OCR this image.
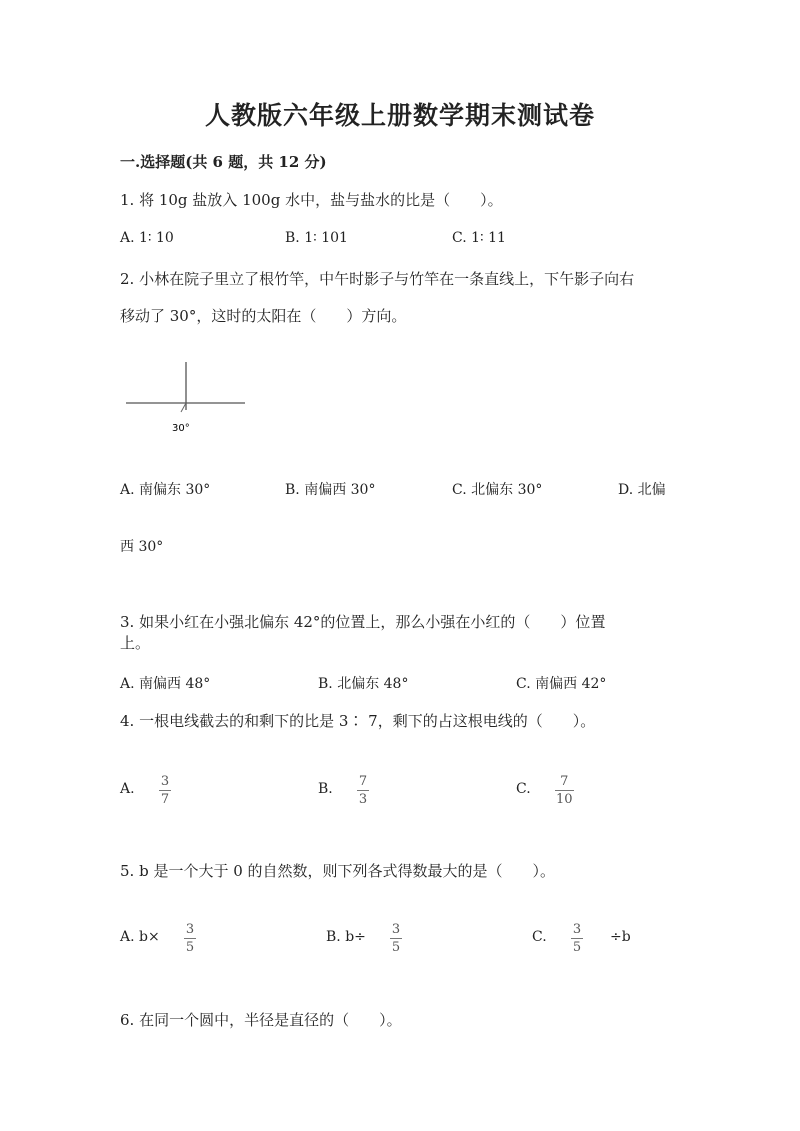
人教版六年级上册数学期末测试卷
一.选择题(共 6 题，共 12 分)
1. 将 10g 盐放入 100g 水中，盐与盐水的比是（　　）。
A. 1∶ 10	B. 1∶ 101	C. 1∶ 11
2. 小林在院子里立了根竹竿，中午时影子与竹竿在一条直线上，下午影子向右
移动了 30°，这时的太阳在（　　）方向。
30°
A. 南偏东 30°	B. 南偏西 30°	C. 北偏东 30°	D. 北偏
西 30°
3. 如果小红在小强北偏东 42°的位置上，那么小强在小红的（　　）位置
上。
A. 南偏西 48°	B. 北偏东 48°	C. 南偏西 42°
4. 一根电线截去的和剩下的比是 3∶ 7，剩下的占这根电线的（　　）。
A. 3
7
B. 7
3
C. 7
10
5. b 是一个大于 0 的自然数，则下列各式得数最大的是（　　）。
A. b× 3
5
B. b÷ 3
5
C. 3
5
÷b
6. 在同一个圆中，半径是直径的（　　）。
